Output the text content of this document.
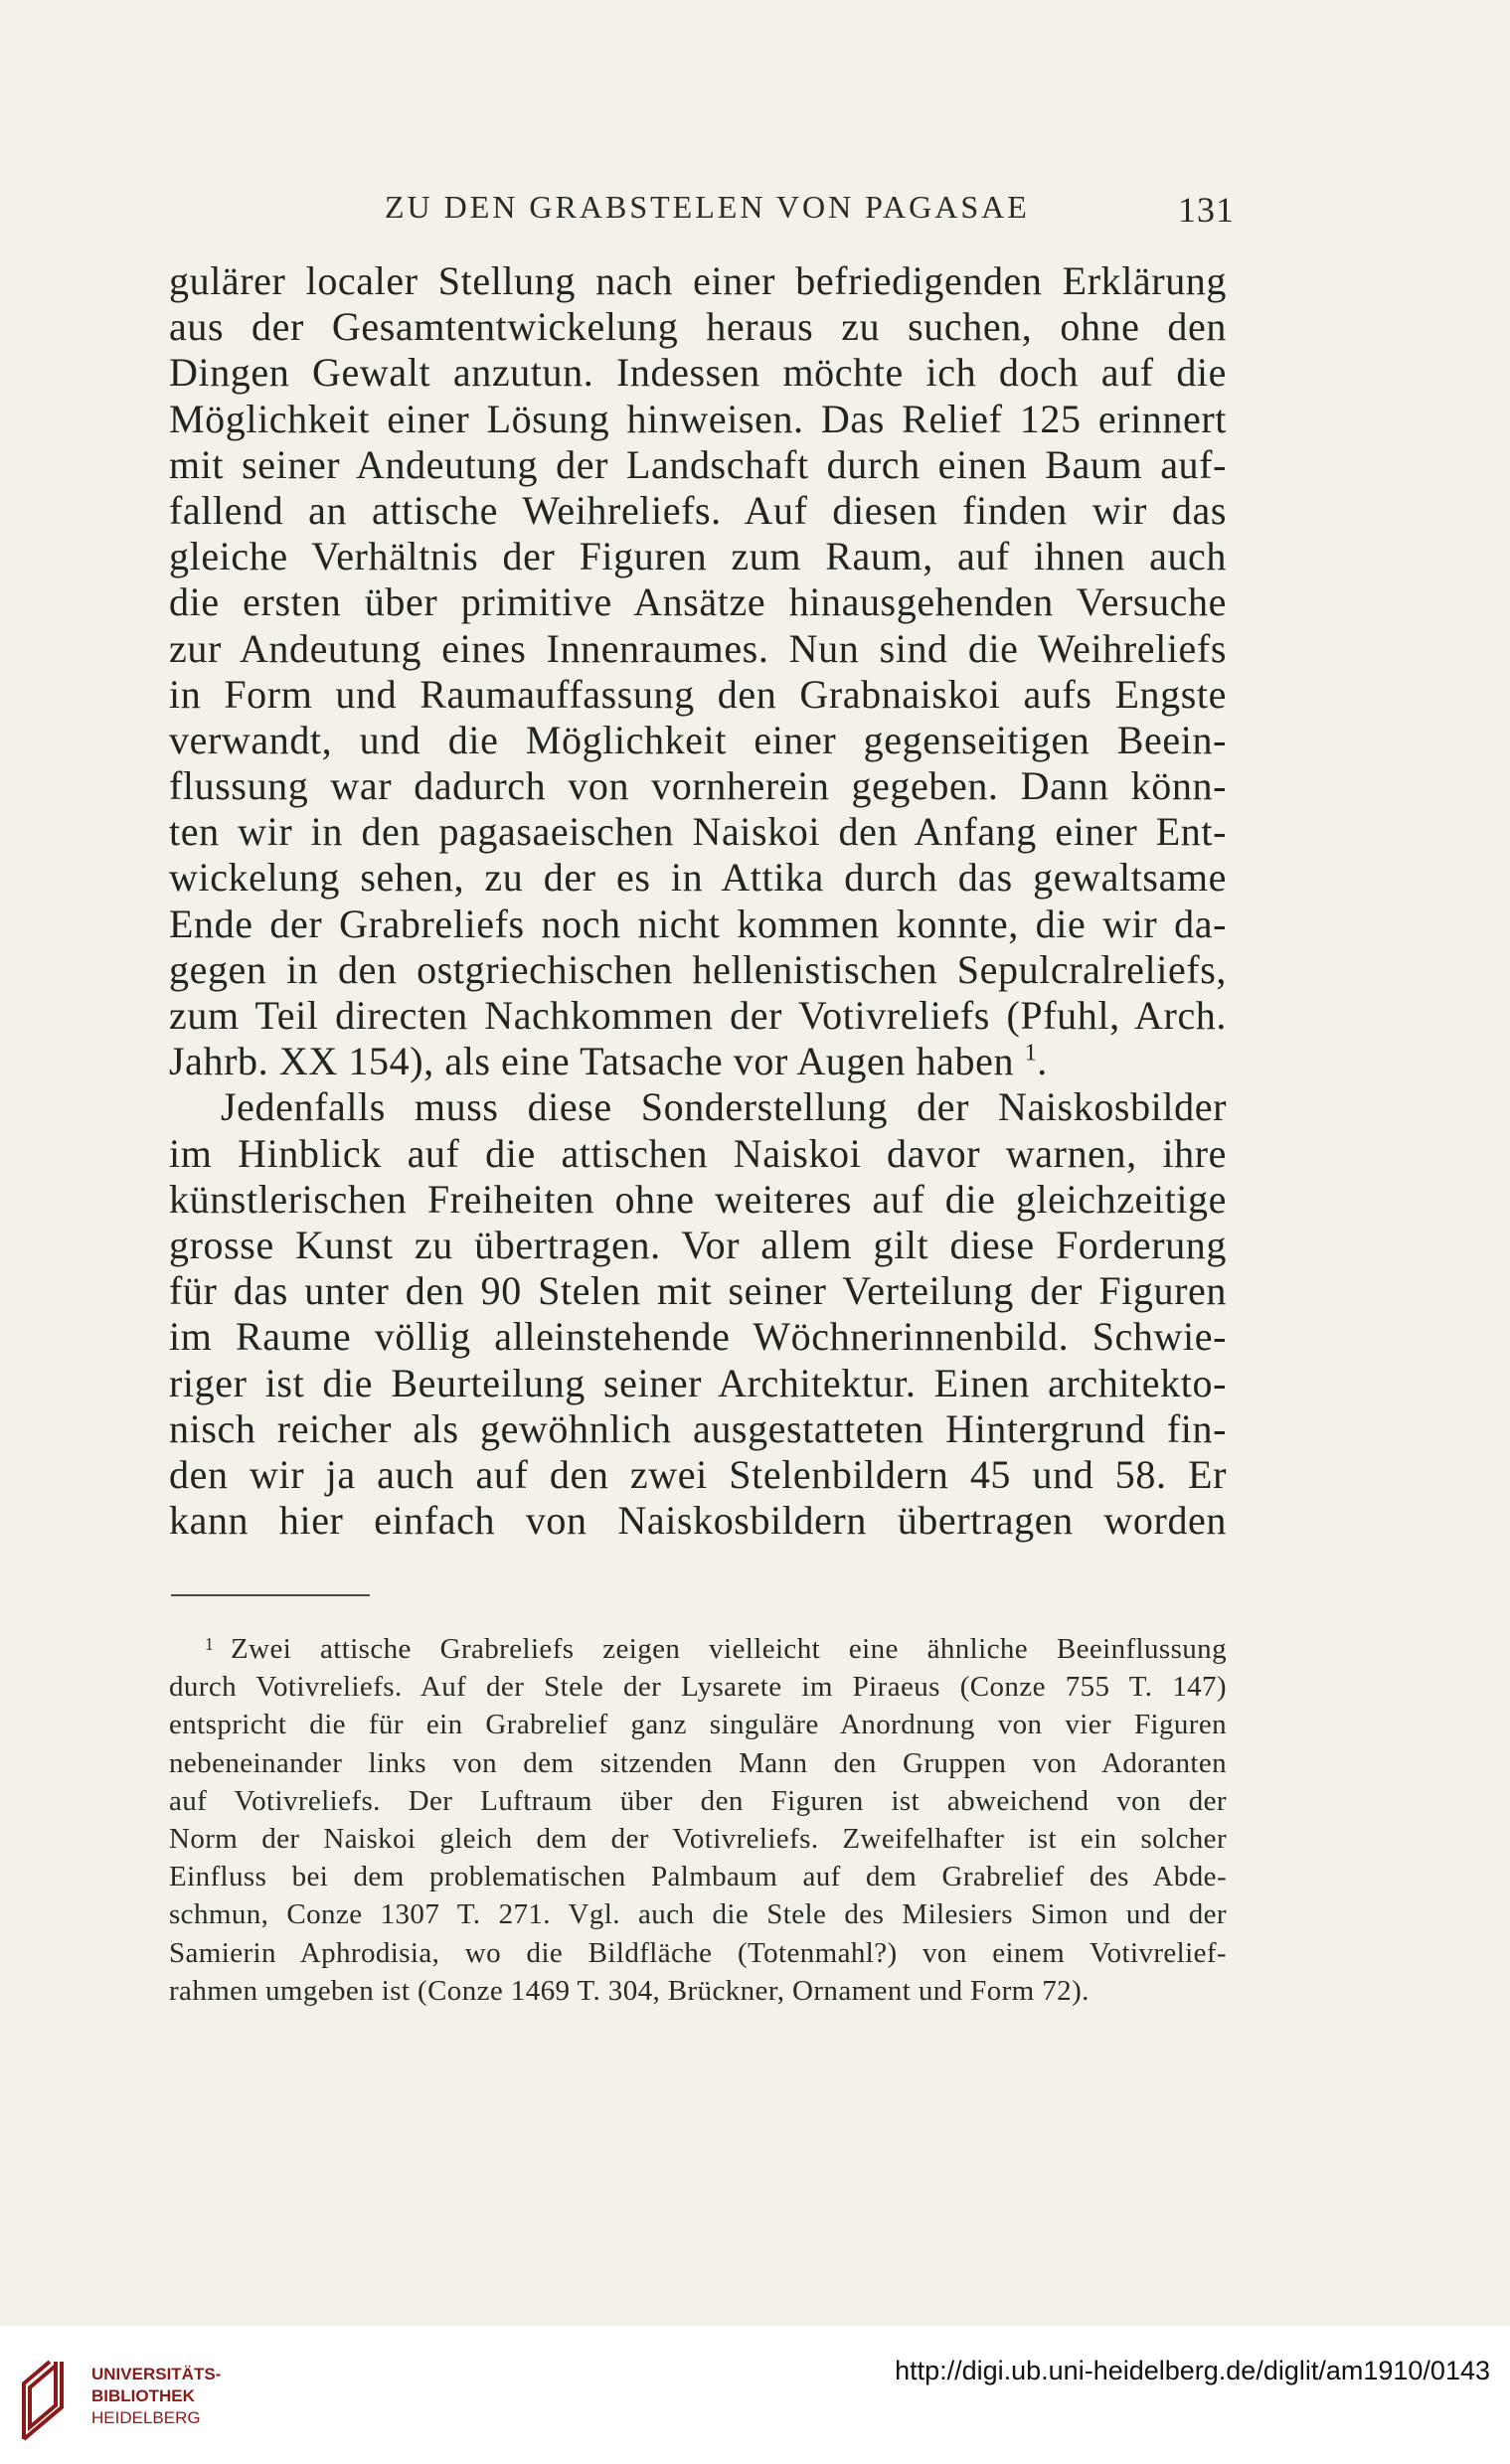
ZU DEN GRABSTELEN VON PAGASAE	131
gulärer localer Stellung nach einer befriedigenden Erklärung
aus der Gesamtentwickelung heraus zu suchen, ohne den
Dingen Gewalt anzutun. Indessen möchte ich doch auf die
Möglichkeit einer Lösung hinweisen. Das Relief 125 erinnert
mit seiner Andeutung der Landschaft durch einen Baum auf-
fallend an attische Weihreliefs. Auf diesen finden wir das
gleiche Verhältnis der Figuren zum Raum, auf ihnen auch
die ersten über primitive Ansätze hinausgehenden Versuche
zur Andeutung eines Innenraumes. Nun sind die Weihreliefs
in Form und Raumauffassung den Grabnaiskoi aufs Engste
verwandt, und die Möglichkeit einer gegenseitigen Beein-
flussung war dadurch von vornherein gegeben. Dann könn-
ten wir in den pagasaeischen Naiskoi den Anfang einer Ent-
wickelung sehen, zu der es in Attika durch das gewaltsame
Ende der Grabreliefs noch nicht kommen konnte, die wir da-
gegen in den ostgriechischen hellenistischen Sepulcralreliefs,
zum Teil directen Nachkommen der Votivreliefs (Pfuhl, Arch.
Jahrb. XX 154), als eine Tatsache vor Augen haben $^1$.
Jedenfalls muss diese Sonderstellung der Naiskosbilder
im Hinblick auf die attischen Naiskoi davor warnen, ihre
künstlerischen Freiheiten ohne weiteres auf die gleichzeitige
grosse Kunst zu übertragen. Vor allem gilt diese Forderung
für das unter den 90 Stelen mit seiner Verteilung der Figuren
im Raume völlig alleinstehende Wöchnerinnenbild. Schwie-
riger ist die Beurteilung seiner Architektur. Einen architekto-
nisch reicher als gewöhnlich ausgestatteten Hintergrund fin-
den wir ja auch auf den zwei Stelenbildern 45 und 58. Er
kann hier einfach von Naiskosbildern übertragen worden
1 Zwei attische Grabreliefs zeigen vielleicht eine ähnliche Beeinflussung
durch Votivreliefs. Auf der Stele der Lysarete im Piraeus (Conze 755 T. 147)
entspricht die für ein Grabrelief ganz singuläre Anordnung von vier Figuren
nebeneinander links von dem sitzenden Mann den Gruppen von Adoranten
auf Votivreliefs. Der Luftraum über den Figuren ist abweichend von der
Norm der Naiskoi gleich dem der Votivreliefs. Zweifelhafter ist ein solcher
Einfluss bei dem problematischen Palmbaum auf dem Grabrelief des Abde-
schmun, Conze 1307 T. 271. Vgl. auch die Stele des Milesiers Simon und der
Samierin Aphrodisia, wo die Bildfläche (Totenmahl?) von einem Votivrelief-
rahmen umgeben ist (Conze 1469 T. 304, Brückner, Ornament und Form 72).
UNIVERSITÄTS-
BIBLIOTHEK
HEIDELBERG
http://digi.ub.uni-heidelberg.de/diglit/am1910/0143
